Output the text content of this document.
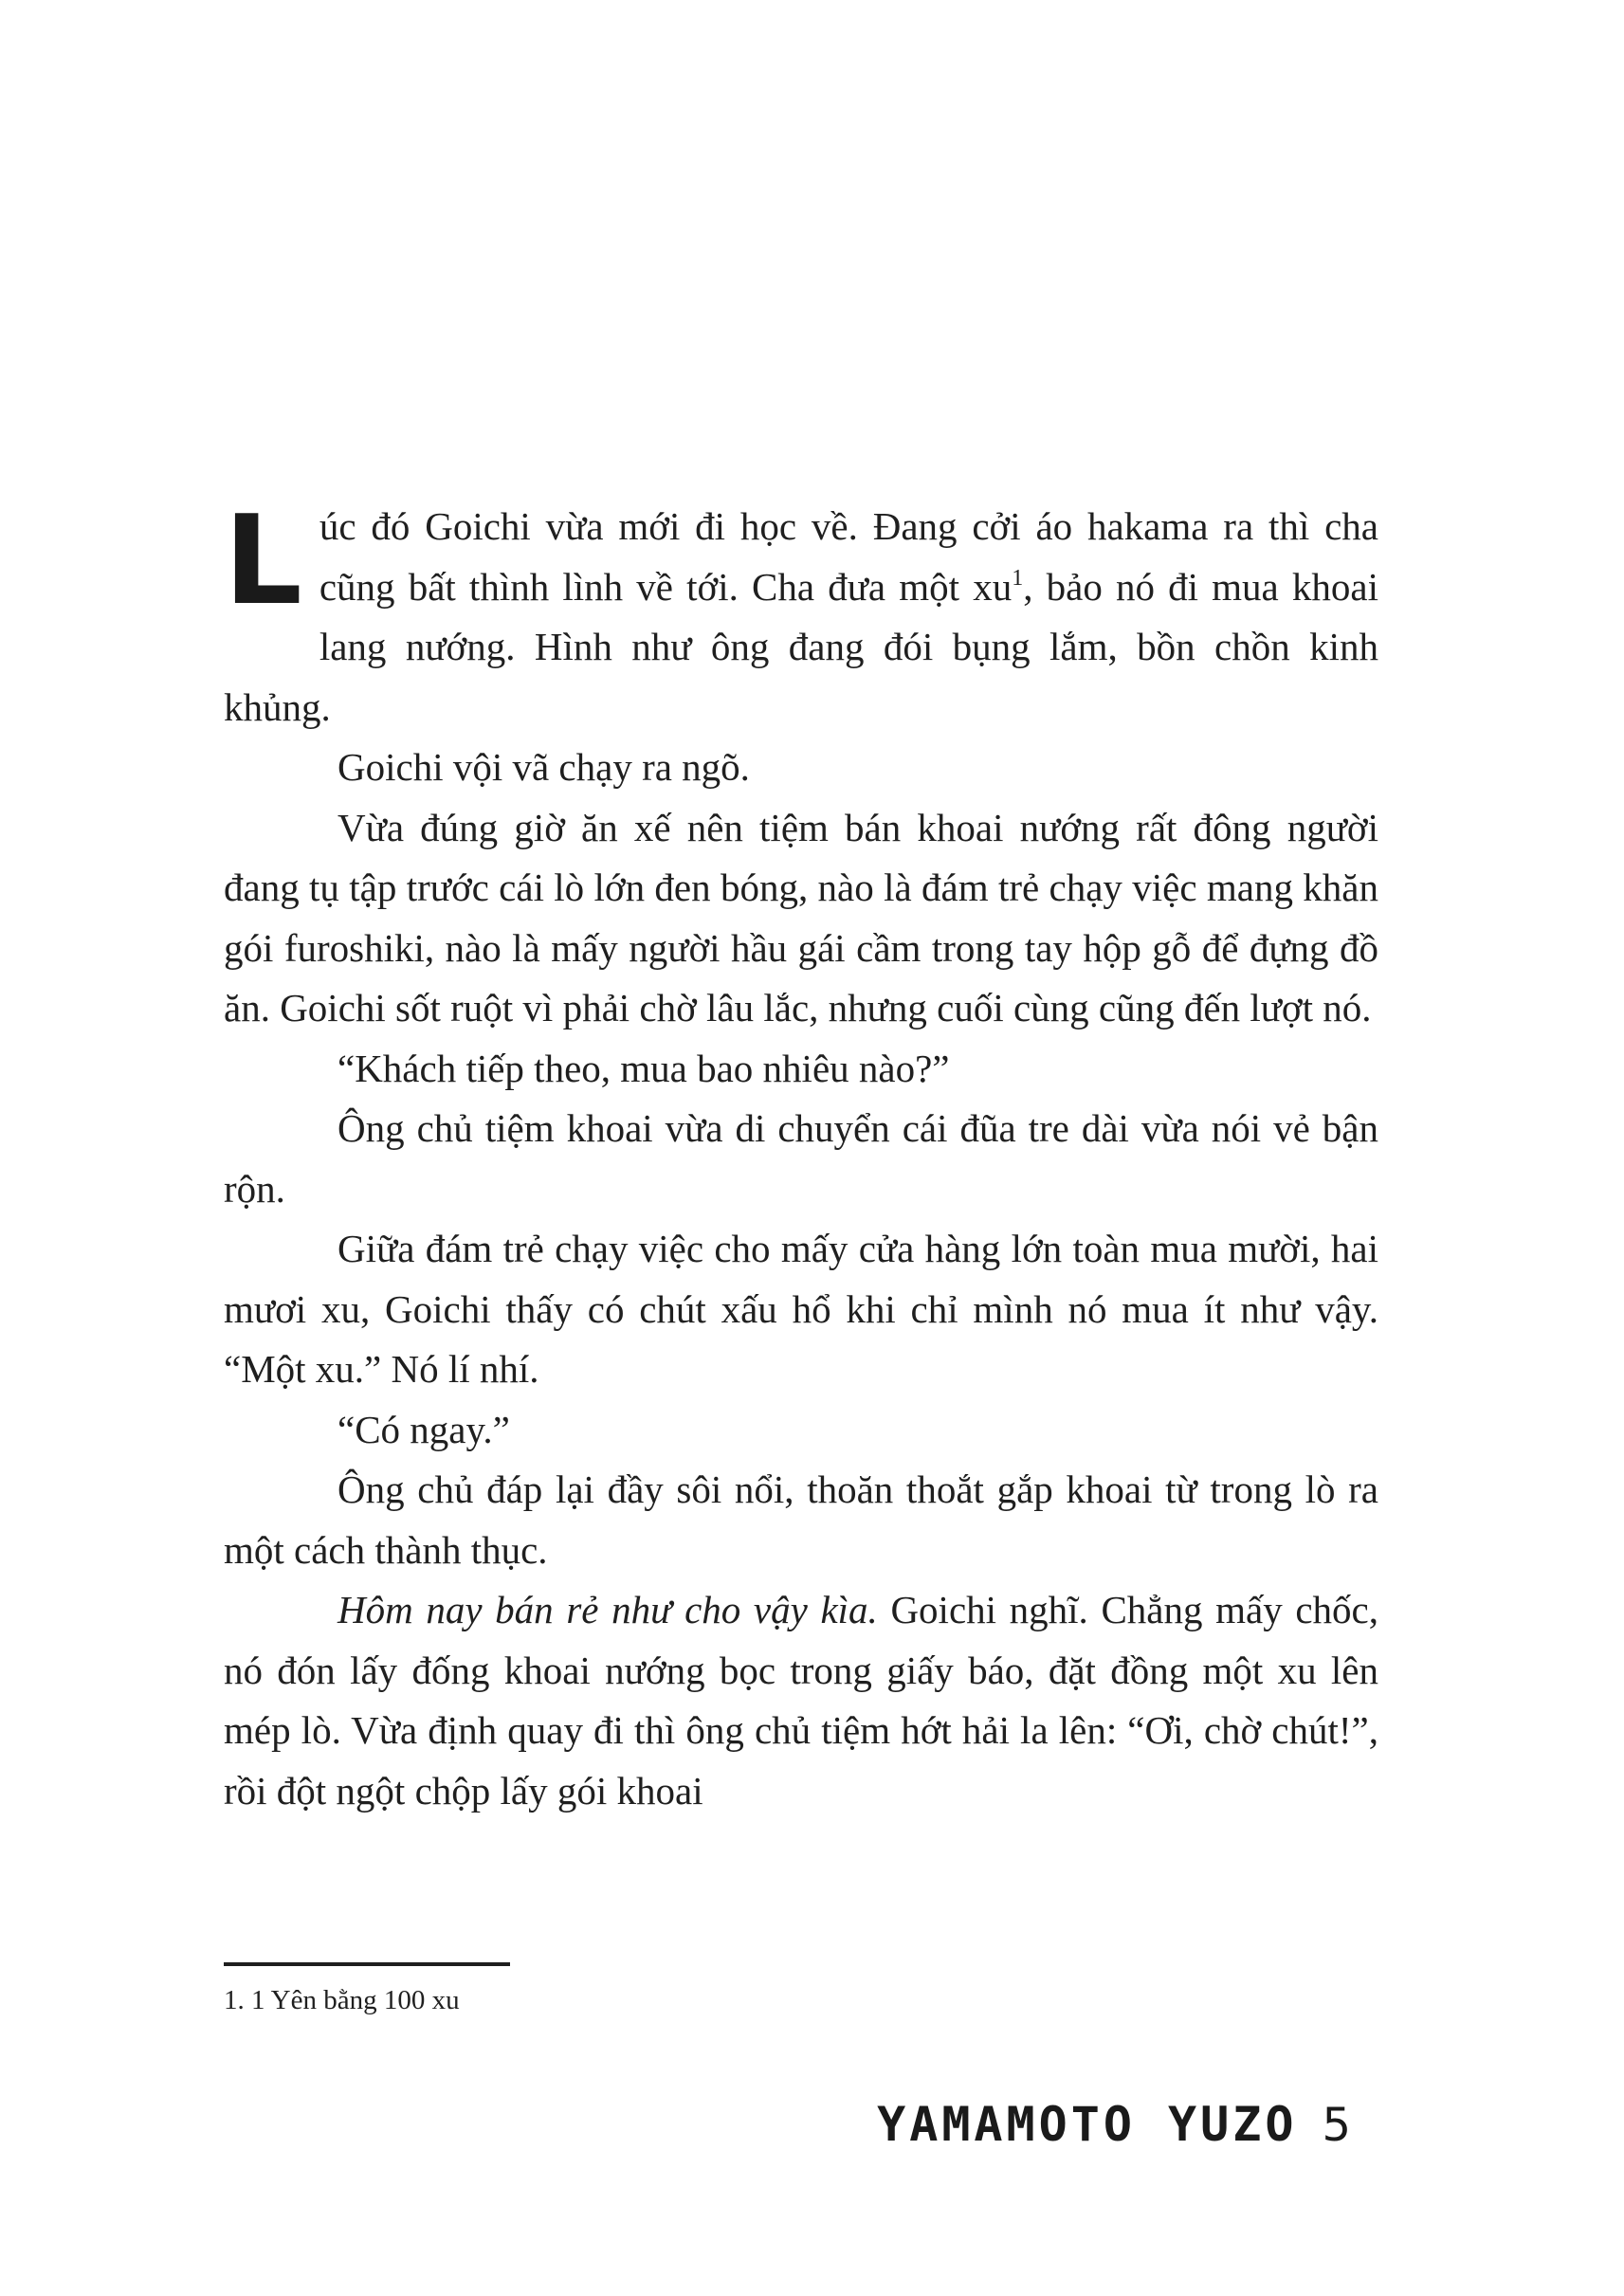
Lúc đó Goichi vừa mới đi học về. Đang cởi áo hakama ra thì cha cũng bất thình lình về tới. Cha đưa một xu$^1$, bảo nó đi mua khoai lang nướng. Hình như ông đang đói bụng lắm, bồn chồn kinh khủng.

Goichi vội vã chạy ra ngõ.

Vừa đúng giờ ăn xế nên tiệm bán khoai nướng rất đông người đang tụ tập trước cái lò lớn đen bóng, nào là đám trẻ chạy việc mang khăn gói furoshiki, nào là mấy người hầu gái cầm trong tay hộp gỗ để đựng đồ ăn. Goichi sốt ruột vì phải chờ lâu lắc, nhưng cuối cùng cũng đến lượt nó.

“Khách tiếp theo, mua bao nhiêu nào?”

Ông chủ tiệm khoai vừa di chuyển cái đũa tre dài vừa nói vẻ bận rộn.

Giữa đám trẻ chạy việc cho mấy cửa hàng lớn toàn mua mười, hai mươi xu, Goichi thấy có chút xấu hổ khi chỉ mình nó mua ít như vậy. “Một xu.” Nó lí nhí.

“Có ngay.”

Ông chủ đáp lại đầy sôi nổi, thoăn thoắt gắp khoai từ trong lò ra một cách thành thục.

Hôm nay bán rẻ như cho vậy kìa. Goichi nghĩ. Chẳng mấy chốc, nó đón lấy đống khoai nướng bọc trong giấy báo, đặt đồng một xu lên mép lò. Vừa định quay đi thì ông chủ tiệm hớt hải la lên: “Ơi, chờ chút!”, rồi đột ngột chộp lấy gói khoai

1. 1 Yên bằng 100 xu

YAMAMOTO YUZO 5
